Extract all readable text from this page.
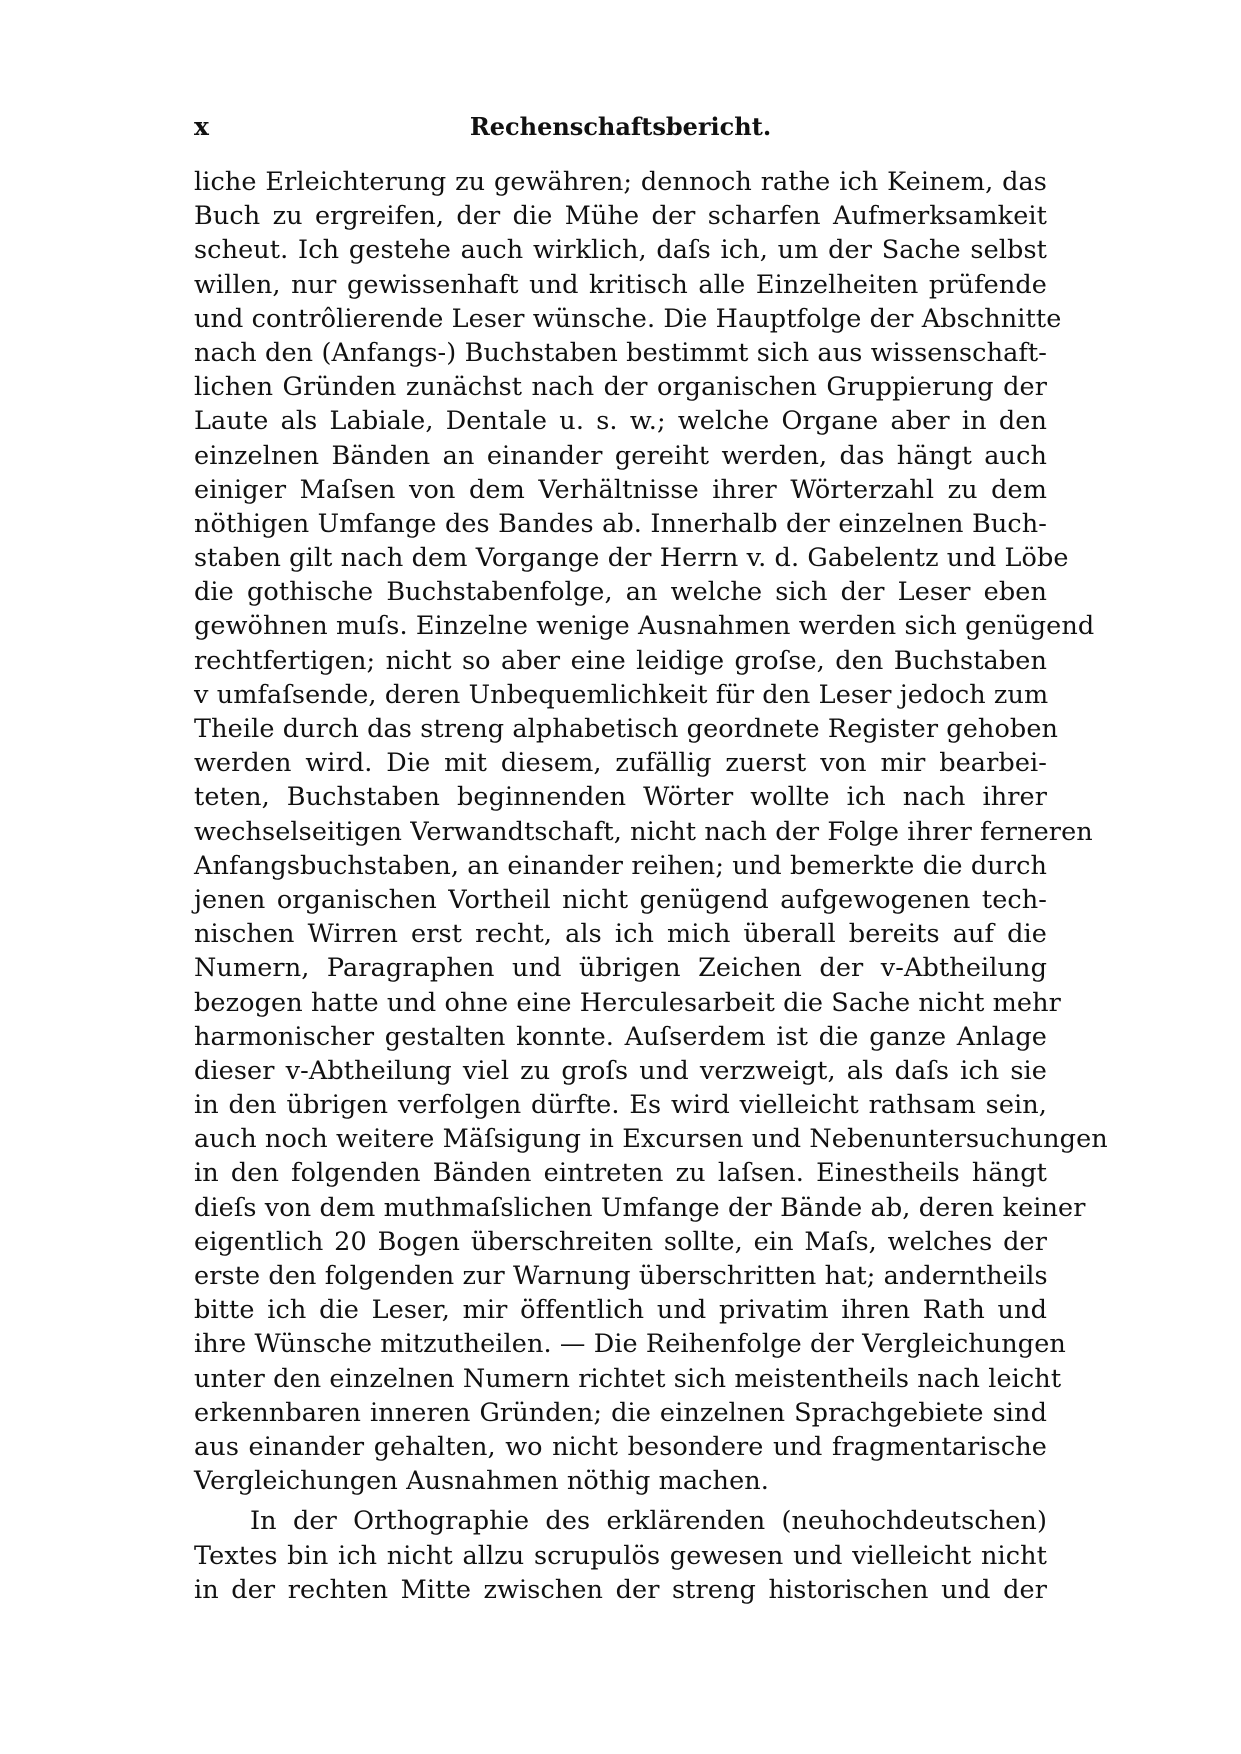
x	Rechenschaftsbericht.
liche Erleichterung zu gewähren; dennoch rathe ich Keinem, das
Buch zu ergreifen, der die Mühe der scharfen Aufmerksamkeit
scheut. Ich gestehe auch wirklich, daſs ich, um der Sache selbst
willen, nur gewissenhaft und kritisch alle Einzelheiten prüfende
und contrôlierende Leser wünsche. Die Hauptfolge der Abschnitte
nach den (Anfangs-) Buchstaben bestimmt sich aus wissenschaft-
lichen Gründen zunächst nach der organischen Gruppierung der
Laute als Labiale, Dentale u. s. w.; welche Organe aber in den
einzelnen Bänden an einander gereiht werden, das hängt auch
einiger Maſsen von dem Verhältnisse ihrer Wörterzahl zu dem
nöthigen Umfange des Bandes ab. Innerhalb der einzelnen Buch-
staben gilt nach dem Vorgange der Herrn v. d. Gabelentz und Löbe
die gothische Buchstabenfolge, an welche sich der Leser eben
gewöhnen muſs. Einzelne wenige Ausnahmen werden sich genügend
rechtfertigen; nicht so aber eine leidige groſse, den Buchstaben
v umfaſsende, deren Unbequemlichkeit für den Leser jedoch zum
Theile durch das streng alphabetisch geordnete Register gehoben
werden wird. Die mit diesem, zufällig zuerst von mir bearbei-
teten, Buchstaben beginnenden Wörter wollte ich nach ihrer
wechselseitigen Verwandtschaft, nicht nach der Folge ihrer ferneren
Anfangsbuchstaben, an einander reihen; und bemerkte die durch
jenen organischen Vortheil nicht genügend aufgewogenen tech-
nischen Wirren erst recht, als ich mich überall bereits auf die
Numern, Paragraphen und übrigen Zeichen der v-Abtheilung
bezogen hatte und ohne eine Herculesarbeit die Sache nicht mehr
harmonischer gestalten konnte. Auſserdem ist die ganze Anlage
dieser v-Abtheilung viel zu groſs und verzweigt, als daſs ich sie
in den übrigen verfolgen dürfte. Es wird vielleicht rathsam sein,
auch noch weitere Mäſsigung in Excursen und Nebenuntersuchungen
in den folgenden Bänden eintreten zu laſsen. Einestheils hängt
dieſs von dem muthmaſslichen Umfange der Bände ab, deren keiner
eigentlich 20 Bogen überschreiten sollte, ein Maſs, welches der
erste den folgenden zur Warnung überschritten hat; anderntheils
bitte ich die Leser, mir öffentlich und privatim ihren Rath und
ihre Wünsche mitzutheilen. — Die Reihenfolge der Vergleichungen
unter den einzelnen Numern richtet sich meistentheils nach leicht
erkennbaren inneren Gründen; die einzelnen Sprachgebiete sind
aus einander gehalten, wo nicht besondere und fragmentarische
Vergleichungen Ausnahmen nöthig machen.
In der Orthographie des erklärenden (neuhochdeutschen)
Textes bin ich nicht allzu scrupulös gewesen und vielleicht nicht
in der rechten Mitte zwischen der streng historischen und der
